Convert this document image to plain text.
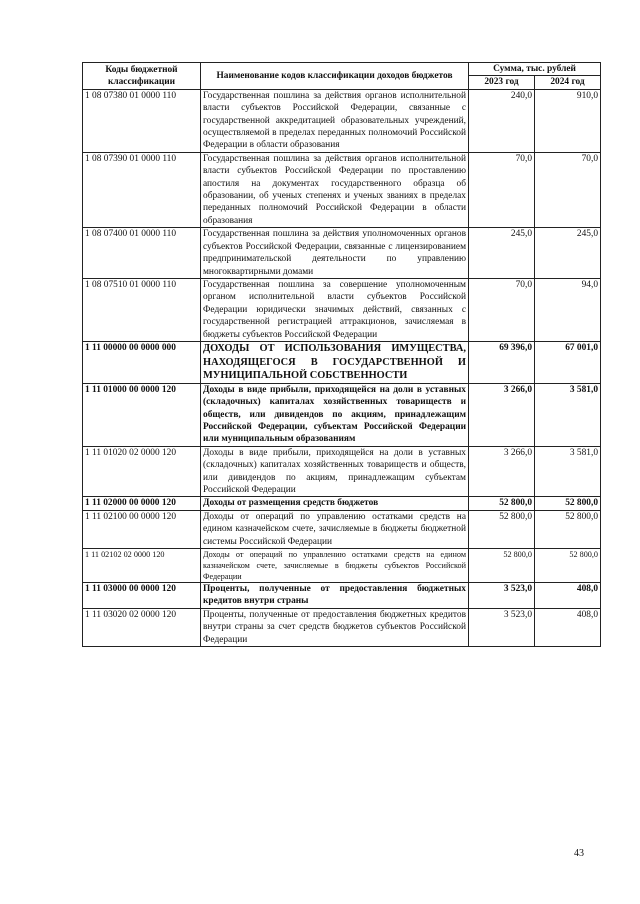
Коды бюджетной классификации	Наименование кодов классификации доходов бюджетов	Сумма, тыс. рублей	
		2023 год	2024 год
1 08 07380 01 0000 110	Государственная пошлина за действия органов исполнительной власти субъектов Российской Федерации, связанные с государственной аккредитацией образовательных учреждений, осуществляемой в пределах переданных полномочий Российской Федерации в области образования	240,0	910,0
1 08 07390 01 0000 110	Государственная пошлина за действия органов исполнительной власти субъектов Российской Федерации по проставлению апостиля на документах государственного образца об образовании, об ученых степенях и ученых званиях в пределах переданных полномочий Российской Федерации в области образования	70,0	70,0
1 08 07400 01 0000 110	Государственная пошлина за действия уполномоченных органов субъектов Российской Федерации, связанные с лицензированием предпринимательской деятельности по управлению многоквартирными домами	245,0	245,0
1 08 07510 01 0000 110	Государственная пошлина за совершение уполномоченным органом исполнительной власти субъектов Российской Федерации юридически значимых действий, связанных с государственной регистрацией аттракционов, зачисляемая в бюджеты субъектов Российской Федерации	70,0	94,0
1 11 00000 00 0000 000	ДОХОДЫ ОТ ИСПОЛЬЗОВАНИЯ ИМУЩЕСТВА, НАХОДЯЩЕГОСЯ В ГОСУДАРСТВЕННОЙ И МУНИЦИПАЛЬНОЙ СОБСТВЕННОСТИ	69 396,0	67 001,0
1 11 01000 00 0000 120	Доходы в виде прибыли, приходящейся на доли в уставных (складочных) капиталах хозяйственных товариществ и обществ, или дивидендов по акциям, принадлежащим Российской Федерации, субъектам Российской Федерации или муниципальным образованиям	3 266,0	3 581,0
1 11 01020 02 0000 120	Доходы в виде прибыли, приходящейся на доли в уставных (складочных) капиталах хозяйственных товариществ и обществ, или дивидендов по акциям, принадлежащим субъектам Российской Федерации	3 266,0	3 581,0
1 11 02000 00 0000 120	Доходы от размещения средств бюджетов	52 800,0	52 800,0
1 11 02100 00 0000 120	Доходы от операций по управлению остатками средств на едином казначейском счете, зачисляемые в бюджеты бюджетной системы Российской Федерации	52 800,0	52 800,0
1 11 02102 02 0000 120	Доходы от операций по управлению остатками средств на едином казначейском счете, зачисляемые в бюджеты субъектов Российской Федерации	52 800,0	52 800,0
1 11 03000 00 0000 120	Проценты, полученные от предоставления бюджетных кредитов внутри страны	3 523,0	408,0
1 11 03020 02 0000 120	Проценты, полученные от предоставления бюджетных кредитов внутри страны за счет средств бюджетов субъектов Российской Федерации	3 523,0	408,0
43
